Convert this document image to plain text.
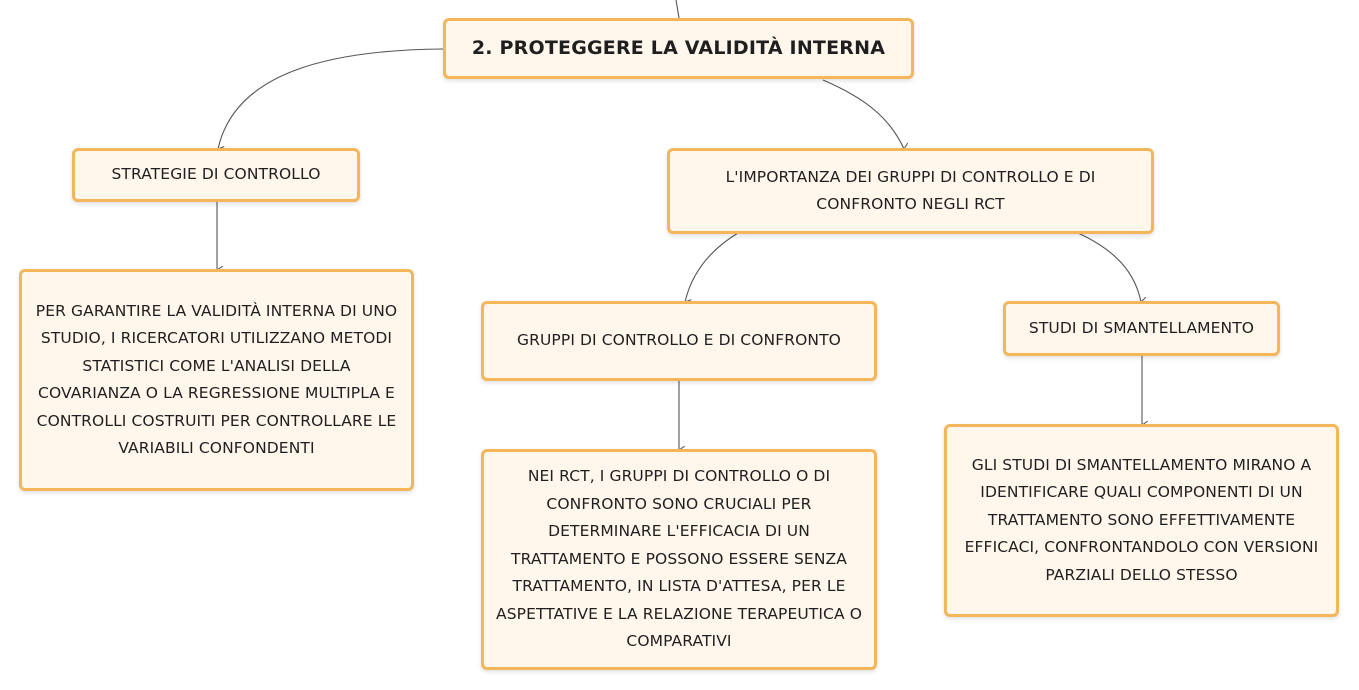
2. PROTEGGERE LA VALIDITÀ INTERNA
STRATEGIE DI CONTROLLO
PER GARANTIRE LA VALIDITÀ INTERNA DI UNO STUDIO, I RICERCATORI UTILIZZANO METODI STATISTICI COME L'ANALISI DELLA COVARIANZA O LA REGRESSIONE MULTIPLA E CONTROLLI COSTRUITI PER CONTROLLARE LE VARIABILI CONFONDENTI
L'IMPORTANZA DEI GRUPPI DI CONTROLLO E DI CONFRONTO NEGLI RCT
GRUPPI DI CONTROLLO E DI CONFRONTO
NEI RCT, I GRUPPI DI CONTROLLO O DI CONFRONTO SONO CRUCIALI PER DETERMINARE L'EFFICACIA DI UN TRATTAMENTO E POSSONO ESSERE SENZA TRATTAMENTO, IN LISTA D'ATTESA, PER LE ASPETTATIVE E LA RELAZIONE TERAPEUTICA O COMPARATIVI
STUDI DI SMANTELLAMENTO
GLI STUDI DI SMANTELLAMENTO MIRANO A IDENTIFICARE QUALI COMPONENTI DI UN TRATTAMENTO SONO EFFETTIVAMENTE EFFICACI, CONFRONTANDOLO CON VERSIONI PARZIALI DELLO STESSO
